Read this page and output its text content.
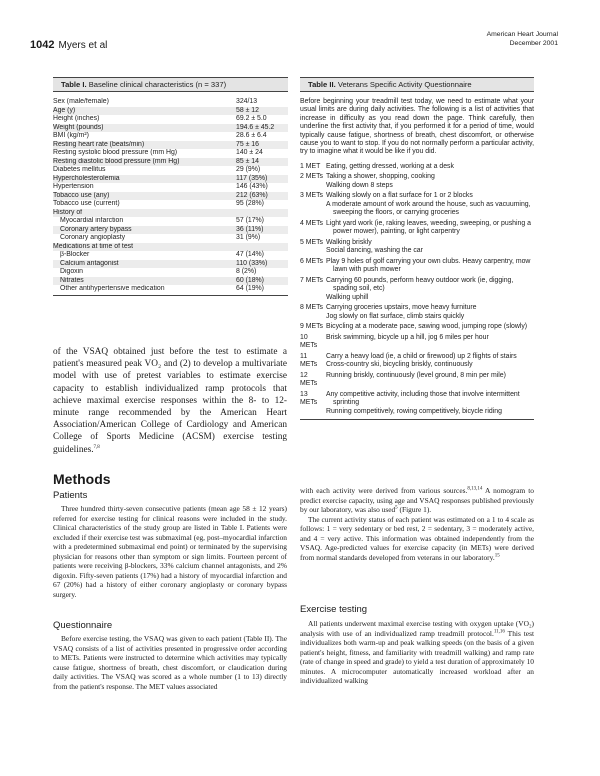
1042 Myers et al
American Heart Journal
December 2001
Table I. Baseline clinical characteristics (n = 337)
Sex (male/female)	324/13
Age (y)	58 ± 12
Height (inches)	69.2 ± 5.0
Weight (pounds)	194.6 ± 45.2
BMI (kg/m²)	28.6 ± 6.4
Resting heart rate (beats/min)	75 ± 16
Resting systolic blood pressure (mm Hg)	140 ± 24
Resting diastolic blood pressure (mm Hg)	85 ± 14
Diabetes mellitus	29 (9%)
Hypercholesterolemia	117 (35%)
Hypertension	146 (43%)
Tobacco use (any)	212 (63%)
Tobacco use (current)	95 (28%)
History of
Myocardial infarction	57 (17%)
Coronary artery bypass	36 (11%)
Coronary angioplasty	31 (9%)
Medications at time of test
β-Blocker	47 (14%)
Calcium antagonist	110 (33%)
Digoxin	8 (2%)
Nitrates	60 (18%)
Other antihypertensive medication	64 (19%)
Table II. Veterans Specific Activity Questionnaire
Before beginning your treadmill test today, we need to estimate what your usual limits are during daily activities. The following is a list of activities that increase in difficulty as you read down the page. Think carefully, then underline the first activity that, if you performed it for a period of time, would typically cause fatigue, shortness of breath, chest discomfort, or otherwise cause you to want to stop. If you do not normally perform a particular activity, try to imagine what it would be like if you did.
1 MET Eating, getting dressed, working at a desk
2 METs Taking a shower, shopping, cooking
Walking down 8 steps
3 METs Walking slowly on a flat surface for 1 or 2 blocks
A moderate amount of work around the house, such as vacuuming, sweeping the floors, or carrying groceries
4 METs Light yard work (ie, raking leaves, weeding, sweeping, or pushing a power mower), painting, or light carpentry
5 METs Walking briskly
Social dancing, washing the car
6 METs Play 9 holes of golf carrying your own clubs. Heavy carpentry, mow lawn with push mower
7 METs Carrying 60 pounds, perform heavy outdoor work (ie, digging, spading soil, etc)
Walking uphill
8 METs Carrying groceries upstairs, move heavy furniture
Jog slowly on flat surface, climb stairs quickly
9 METs Bicycling at a moderate pace, sawing wood, jumping rope (slowly)
10 METs
Brisk swimming, bicycle up a hill, jog 6 miles per hour
11 METs
Carry a heavy load (ie, a child or firewood) up 2 flights of stairs
Cross-country ski, bicycling briskly, continuously
12 METs
Running briskly, continuously (level ground, 8 min per mile)
13 METs
Any competitive activity, including those that involve intermittent sprinting
Running competitively, rowing competitively, bicycle riding
of the VSAQ obtained just before the test to estimate a patient's measured peak VO₂ and (2) to develop a multivariate model with use of pretest variables to estimate exercise capacity to establish individualized ramp protocols that achieve maximal exercise responses within the 8- to 12-minute range recommended by the American Heart Association/American College of Cardiology and American College of Sports Medicine (ACSM) exercise testing guidelines.$^{7,8}$
Methods
Patients

Three hundred thirty-seven consecutive patients (mean age 58 ± 12 years) referred for exercise testing for clinical reasons were included in the study. Clinical characteristics of the study group are listed in Table I. Patients were excluded if their exercise test was submaximal (eg, post–myocardial infarction with a predetermined submaximal end point) or terminated by the supervising physician for reasons other than symptom or sign limits. Fourteen percent of patients were receiving β-blockers, 33% calcium channel antagonists, and 2% digoxin. Fifty-seven patients (17%) had a history of myocardial infarction and 67 (20%) had a history of either coronary angioplasty or coronary bypass surgery.

Questionnaire

Before exercise testing, the VSAQ was given to each patient (Table II). The VSAQ consists of a list of activities presented in progressive order according to METs. Patients were instructed to determine which activities may typically cause fatigue, shortness of breath, chest discomfort, or claudication during daily activities. The VSAQ was scored as a whole number (1 to 13) directly from the patient's response. The MET values associated

with each activity were derived from various sources.$^{8,13,14}$ A nomogram to predict exercise capacity, using age and VSAQ responses published previously by our laboratory, was also used$^5$ (Figure 1).

The current activity status of each patient was estimated on a 1 to 4 scale as follows: 1 = very sedentary or bed rest, 2 = sedentary, 3 = moderately active, and 4 = very active. This information was obtained independently from the VSAQ. Age-predicted values for exercise capacity (in METs) were derived from normal standards developed from veterans in our laboratory.$^{15}$

Exercise testing

All patients underwent maximal exercise testing with oxygen uptake (VO₂) analysis with use of an individualized ramp treadmill protocol.$^{11,16}$ This test individualizes both warm-up and peak walking speeds (on the basis of a given patient's height, fitness, and familiarity with treadmill walking) and ramp rate (rate of change in speed and grade) to yield a test duration of approximately 10 minutes. A microcomputer automatically increased workload after an individualized walking
